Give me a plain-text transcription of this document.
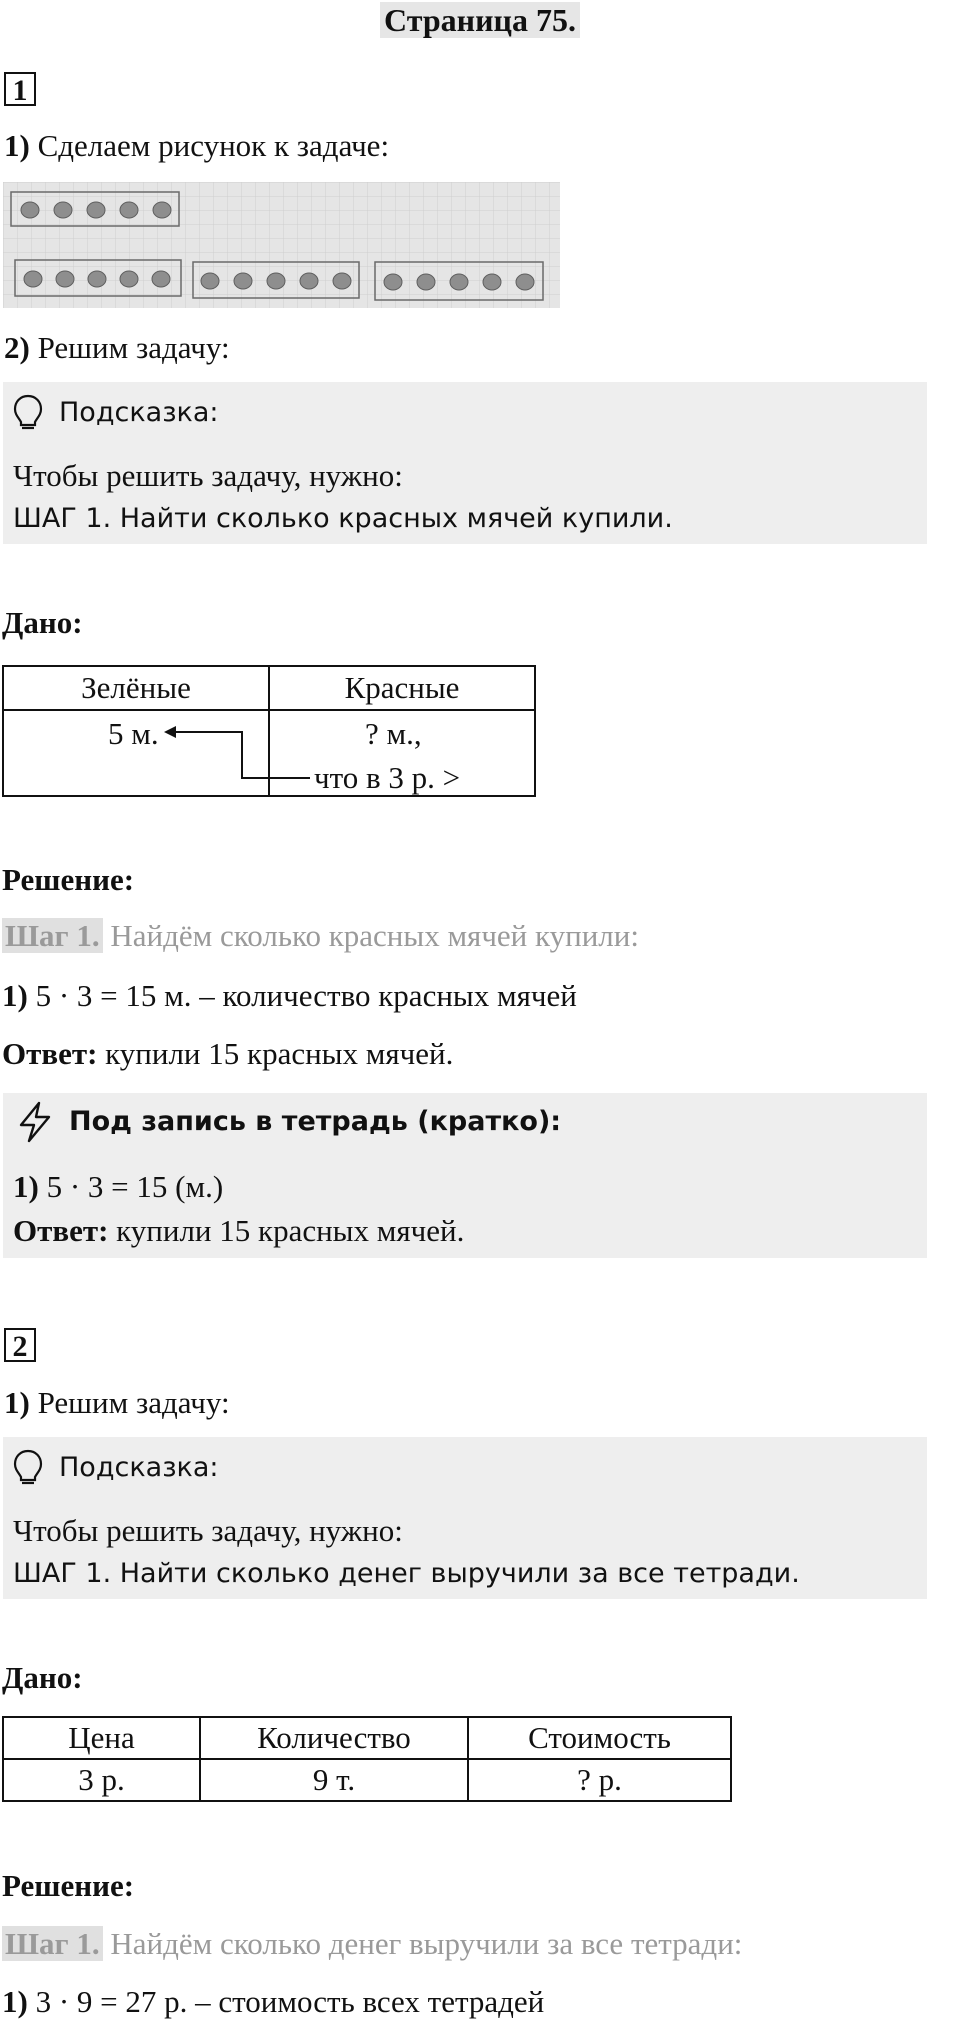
Страница 75.
1
1) Сделаем рисунок к задаче:
2) Решим задачу:
Подсказка:
Чтобы решить задачу, нужно:
ШАГ 1. Найти сколько красных мячей купили.
Дано:
Зелёные	Красные

5 м.	? м.,
что в 3 р. >
Решение:
Шаг 1. Найдём сколько красных мячей купили:
1) 5 · 3 = 15 м. – количество красных мячей
Ответ: купили 15 красных мячей.
Под запись в тетрадь (кратко):
1) 5 · 3 = 15 (м.)
Ответ: купили 15 красных мячей.
2
1) Решим задачу:
Подсказка:
Чтобы решить задачу, нужно:
ШАГ 1. Найти сколько денег выручили за все тетради.
Дано:
Цена	Количество	Стоимость
3 р.	9 т.	? р.
Решение:
Шаг 1. Найдём сколько денег выручили за все тетради:
1) 3 · 9 = 27 р. – стоимость всех тетрадей
